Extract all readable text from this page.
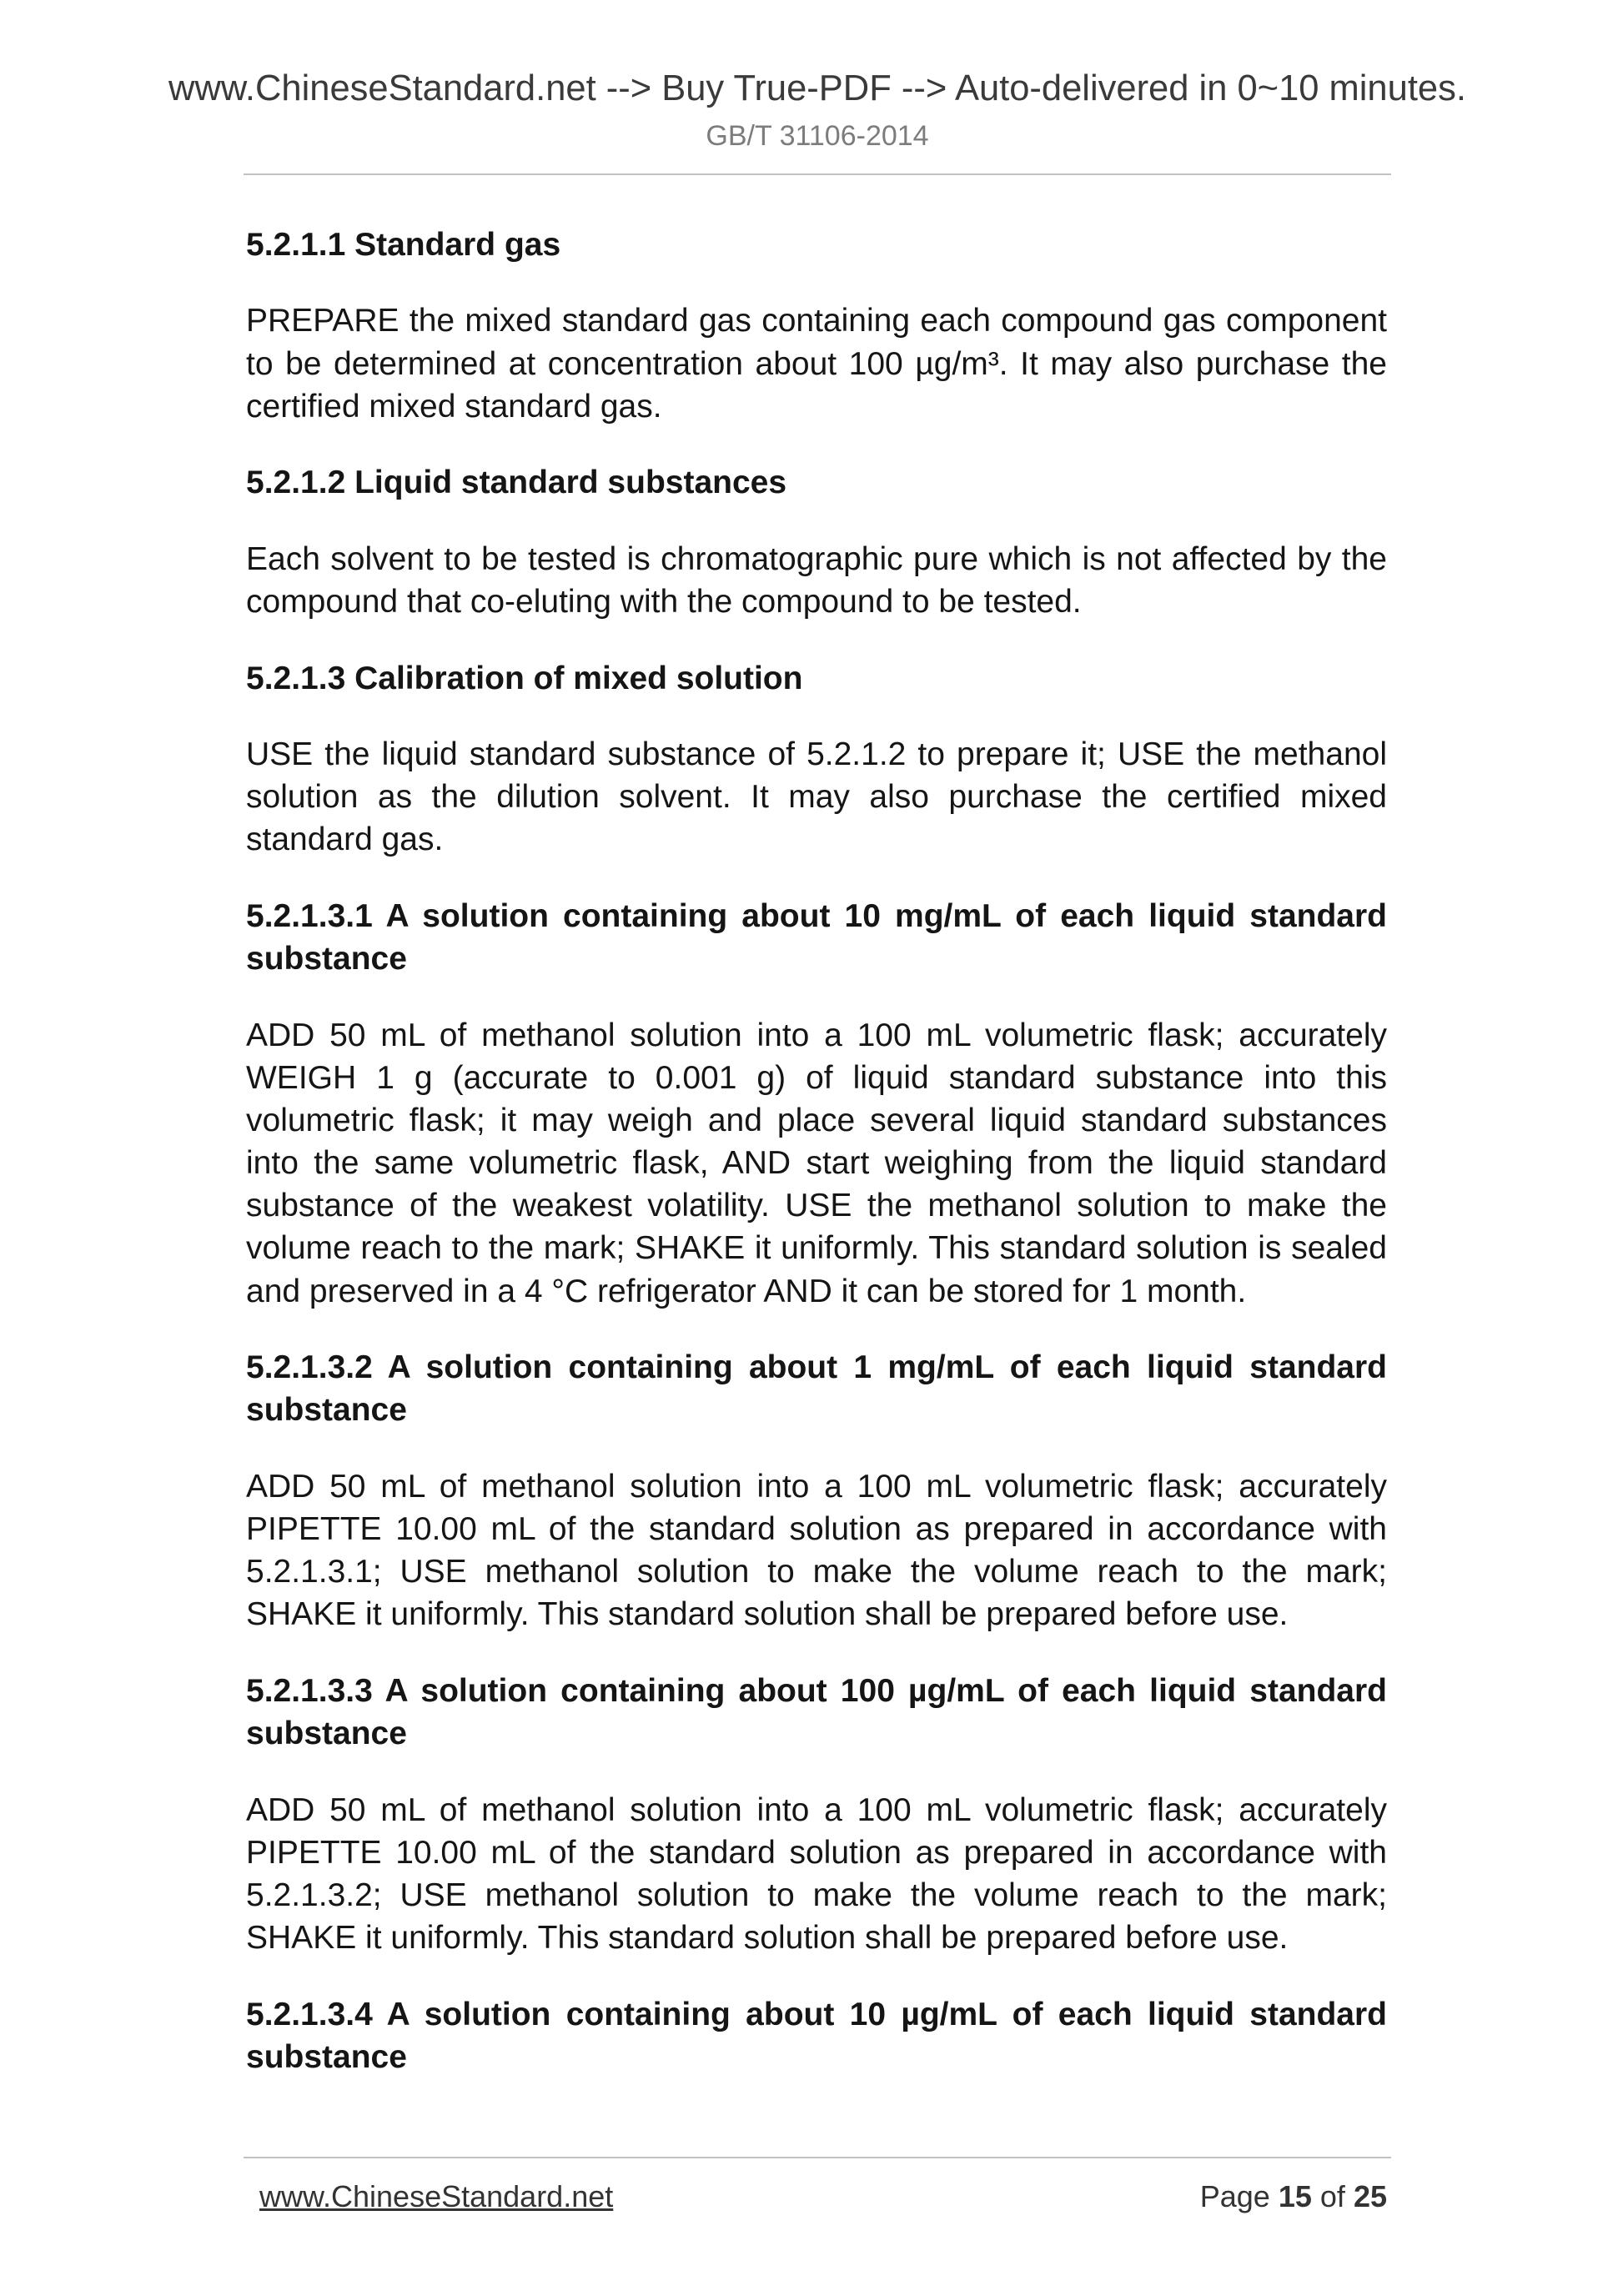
www.ChineseStandard.net --> Buy True-PDF --> Auto-delivered in 0~10 minutes.
GB/T 31106-2014
5.2.1.1 Standard gas
PREPARE the mixed standard gas containing each compound gas component
to be determined at concentration about 100 µg/m³. It may also purchase the
certified mixed standard gas.
5.2.1.2 Liquid standard substances
Each solvent to be tested is chromatographic pure which is not affected by the
compound that co-eluting with the compound to be tested.
5.2.1.3 Calibration of mixed solution
USE the liquid standard substance of 5.2.1.2 to prepare it; USE the methanol
solution as the dilution solvent. It may also purchase the certified mixed
standard gas.
5.2.1.3.1 A solution containing about 10 mg/mL of each liquid standard
substance
ADD 50 mL of methanol solution into a 100 mL volumetric flask; accurately
WEIGH 1 g (accurate to 0.001 g) of liquid standard substance into this
volumetric flask; it may weigh and place several liquid standard substances
into the same volumetric flask, AND start weighing from the liquid standard
substance of the weakest volatility. USE the methanol solution to make the
volume reach to the mark; SHAKE it uniformly. This standard solution is sealed
and preserved in a 4 °C refrigerator AND it can be stored for 1 month.
5.2.1.3.2 A solution containing about 1 mg/mL of each liquid standard
substance
ADD 50 mL of methanol solution into a 100 mL volumetric flask; accurately
PIPETTE 10.00 mL of the standard solution as prepared in accordance with
5.2.1.3.1; USE methanol solution to make the volume reach to the mark;
SHAKE it uniformly. This standard solution shall be prepared before use.
5.2.1.3.3 A solution containing about 100 µg/mL of each liquid standard
substance
ADD 50 mL of methanol solution into a 100 mL volumetric flask; accurately
PIPETTE 10.00 mL of the standard solution as prepared in accordance with
5.2.1.3.2; USE methanol solution to make the volume reach to the mark;
SHAKE it uniformly. This standard solution shall be prepared before use.
5.2.1.3.4 A solution containing about 10 µg/mL of each liquid standard
substance
www.ChineseStandard.net	Page 15 of 25
